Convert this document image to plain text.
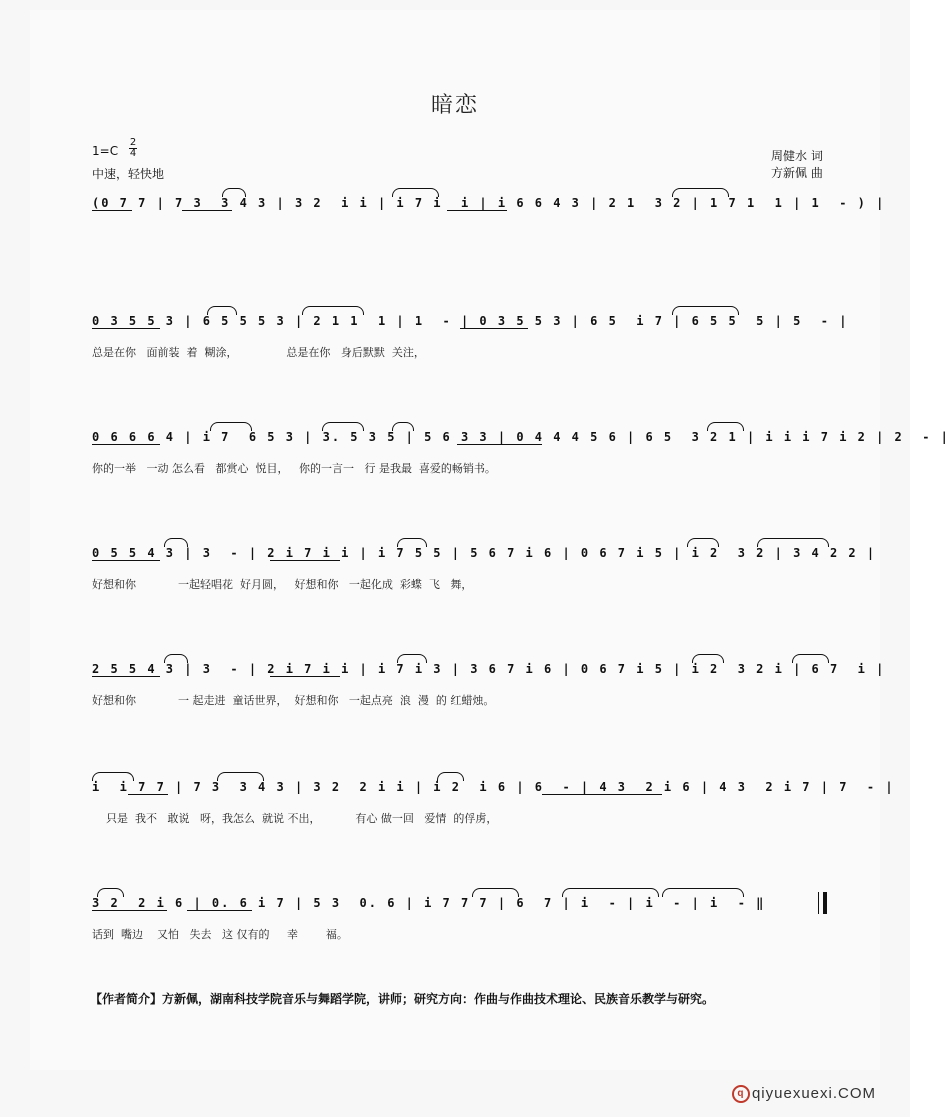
暗恋
1=C
2
4
中速，轻快地
周健水 词
方新佩 曲
(0 7 7 | 7 3  3 4 3 | 3 2  i i | i 7 i  i | i 6 6 4 3 | 2 1  3 2 | 1 7 1  1 | 1  - ) |
0 3 5 5 3 | 6 5 5 5 3 | 2 1 1  1 | 1  - | 0 3 5 5 3 | 6 5  i 7 | 6 5 5  5 | 5  - |
总是在你   面前装  着  糊涂，              总是在你   身后默默  关注，
0 6 6 6 4 | i 7  6 5 3 | 3. 5 3 5 | 5 6 3 3 | 0 4 4 4 5 6 | 6 5  3 2 1 | i i i 7 i 2 | 2  - |
你的一举   一动 怎么看   都赏心  悦目，   你的一言一   行 是我最  喜爱的畅销书。
0 5 5 4 3 | 3  - | 2 i 7 i i | i 7 5 5 | 5 6 7 i 6 | 0 6 7 i 5 | i 2  3 2 | 3 4 2 2 |
好想和你            一起轻唱花  好月圆，   好想和你   一起化成  彩蝶  飞   舞，
2 5 5 4 3 | 3  - | 2 i 7 i i | i 7 i 3 | 3 6 7 i 6 | 0 6 7 i 5 | i 2  3 2 i | 6 7  i |
好想和你            一 起走进  童话世界，  好想和你   一起点亮  浪  漫  的 红蜡烛。
i  i 7 7 | 7 3  3 4 3 | 3 2  2 i i | i 2  i 6 | 6  - | 4 3  2 i 6 | 4 3  2 i 7 | 7  - |
只是  我不   敢说   呀，我怎么  就说 不出，          有心 做一回   爱情  的俘虏，
3 2  2 i 6 | 0. 6 i 7 | 5 3  0. 6 | i 7 7 7 | 6  7 | i  - | i  - | i  - ‖
话到  嘴边    又怕   失去   这 仅有的     幸        福。
【作者简介】方新佩，湖南科技学院音乐与舞蹈学院，讲师；研究方向：作曲与作曲技术理论、民族音乐教学与研究。
q qiyuexuexi.COM
